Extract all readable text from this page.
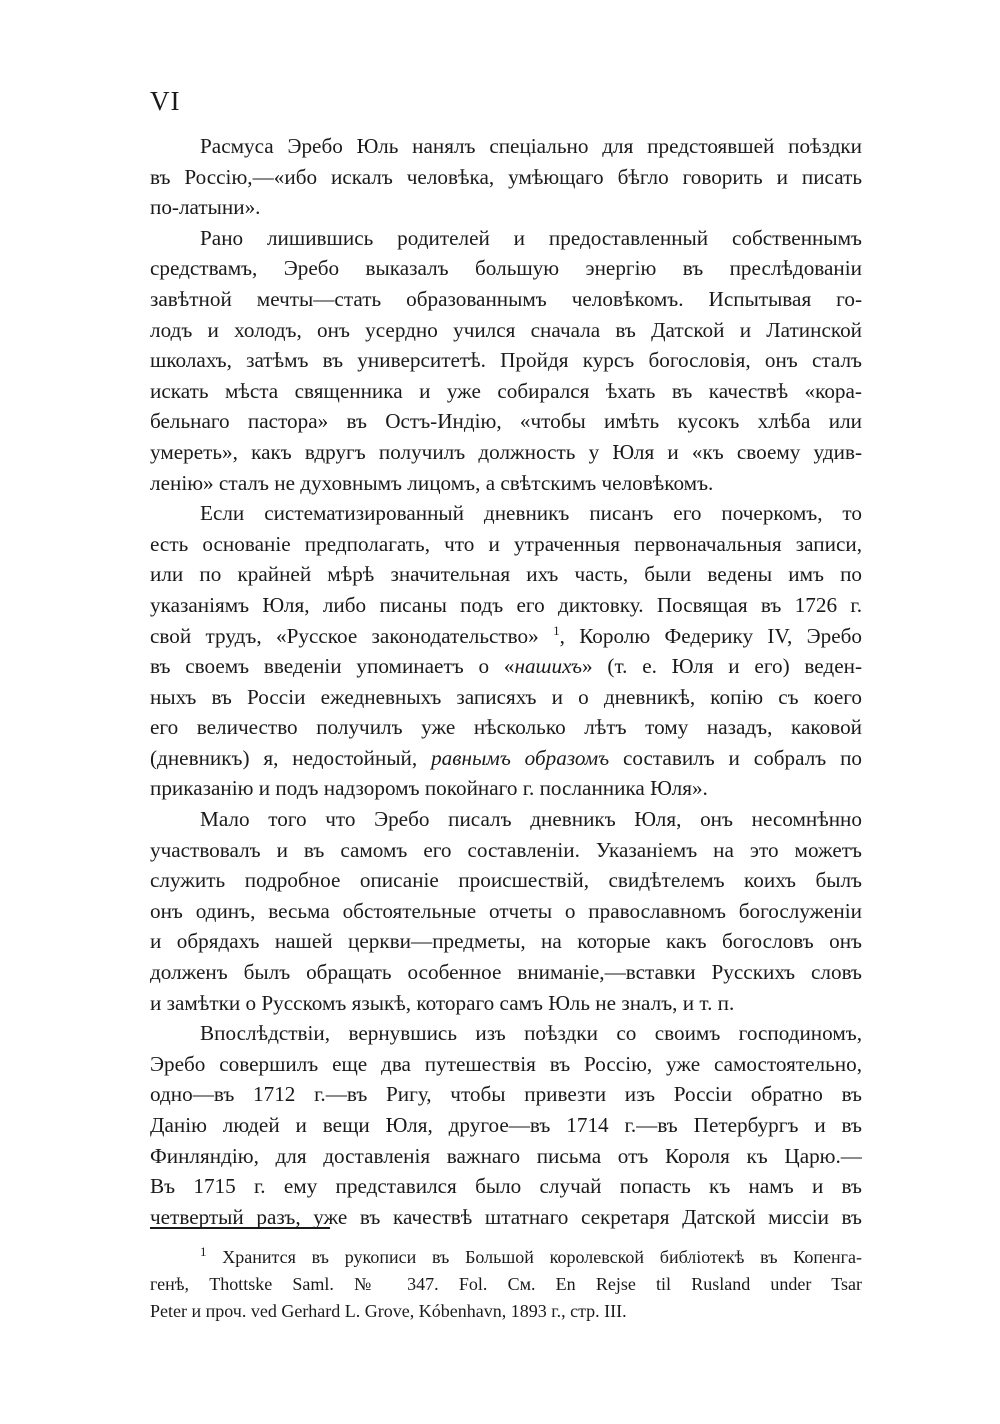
VI
Расмуса Эребо Юль нанялъ спеціально для предстоявшей поѣздки
въ Россію,—«ибо искалъ человѣка, умѣющаго бѣгло говорить и писать
по-латыни».
Рано лишившись родителей и предоставленный собственнымъ
средствамъ, Эребо выказалъ большую энергію въ преслѣдованіи
завѣтной мечты—стать образованнымъ человѣкомъ. Испытывая го-
лодъ и холодъ, онъ усердно учился сначала въ Датской и Латинской
школахъ, затѣмъ въ университетѣ. Пройдя курсъ богословія, онъ сталъ
искать мѣста священника и уже собирался ѣхать въ качествѣ «кора-
бельнаго пастора» въ Остъ-Индію, «чтобы имѣть кусокъ хлѣба или
умереть», какъ вдругъ получилъ должность у Юля и «къ своему удив-
ленію» сталъ не духовнымъ лицомъ, а свѣтскимъ человѣкомъ.
Если систематизированный дневникъ писанъ его почеркомъ, то
есть основаніе предполагать, что и утраченныя первоначальныя записи,
или по крайней мѣрѣ значительная ихъ часть, были ведены имъ по
указаніямъ Юля, либо писаны подъ его диктовку. Посвящая въ 1726 г.
свой трудъ, «Русское законодательство» $^1$, Королю Федерику IV, Эребо
въ своемъ введеніи упоминаетъ о «нашихъ» (т. е. Юля и его) веден-
ныхъ въ Россіи ежедневныхъ записяхъ и о дневникѣ, копію съ коего
его величество получилъ уже нѣсколько лѣтъ тому назадъ, каковой
(дневникъ) я, недостойный, равнымъ образомъ составилъ и собралъ по
приказанію и подъ надзоромъ покойнаго г. посланника Юля».
Мало того что Эребо писалъ дневникъ Юля, онъ несомнѣнно
участвовалъ и въ самомъ его составленіи. Указаніемъ на это можетъ
служить подробное описаніе происшествій, свидѣтелемъ коихъ былъ
онъ одинъ, весьма обстоятельные отчеты о православномъ богослуженіи
и обрядахъ нашей церкви—предметы, на которые какъ богословъ онъ
долженъ былъ обращать особенное вниманіе,—вставки Русскихъ словъ
и замѣтки о Русскомъ языкѣ, котораго самъ Юль не зналъ, и т. п.
Впослѣдствіи, вернувшись изъ поѣздки со своимъ господиномъ,
Эребо совершилъ еще два путешествія въ Россію, уже самостоятельно,
одно—въ 1712 г.—въ Ригу, чтобы привезти изъ Россіи обратно въ
Данію людей и вещи Юля, другое—въ 1714 г.—въ Петербургъ и въ
Финляндію, для доставленія важнаго письма отъ Короля къ Царю.—
Въ 1715 г. ему представился было случай попасть къ намъ и въ
четвертый разъ, уже въ качествѣ штатнаго секретаря Датской миссіи въ
$^1$ Хранится въ рукописи въ Большой королевской библіотекѣ въ Копенга-
генѣ, Thottske Saml. № 347. Fol. См. En Rejse til Rusland under Tsar
Peter и проч. ved Gerhard L. Grove, Kóbenhavn, 1893 г., стр. III.
